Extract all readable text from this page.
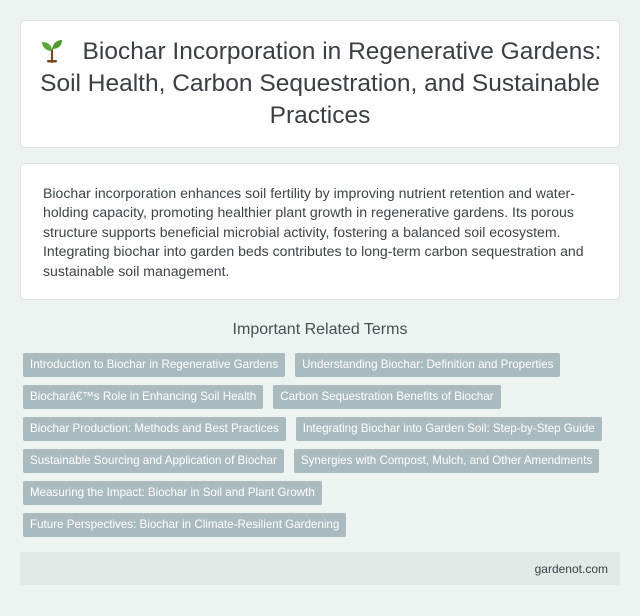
Biochar Incorporation in Regenerative Gardens: Soil Health, Carbon Sequestration, and Sustainable Practices

Biochar incorporation enhances soil fertility by improving nutrient retention and water-holding capacity, promoting healthier plant growth in regenerative gardens. Its porous structure supports beneficial microbial activity, fostering a balanced soil ecosystem. Integrating biochar into garden beds contributes to long-term carbon sequestration and sustainable soil management.

Important Related Terms
Introduction to Biochar in Regenerative Gardens	Understanding Biochar: Definition and Properties
Biocharâ€™s Role in Enhancing Soil Health	Carbon Sequestration Benefits of Biochar
Biochar Production: Methods and Best Practices	Integrating Biochar into Garden Soil: Step-by-Step Guide
Sustainable Sourcing and Application of Biochar	Synergies with Compost, Mulch, and Other Amendments
Measuring the Impact: Biochar in Soil and Plant Growth
Future Perspectives: Biochar in Climate-Resilient Gardening
gardenot.com
